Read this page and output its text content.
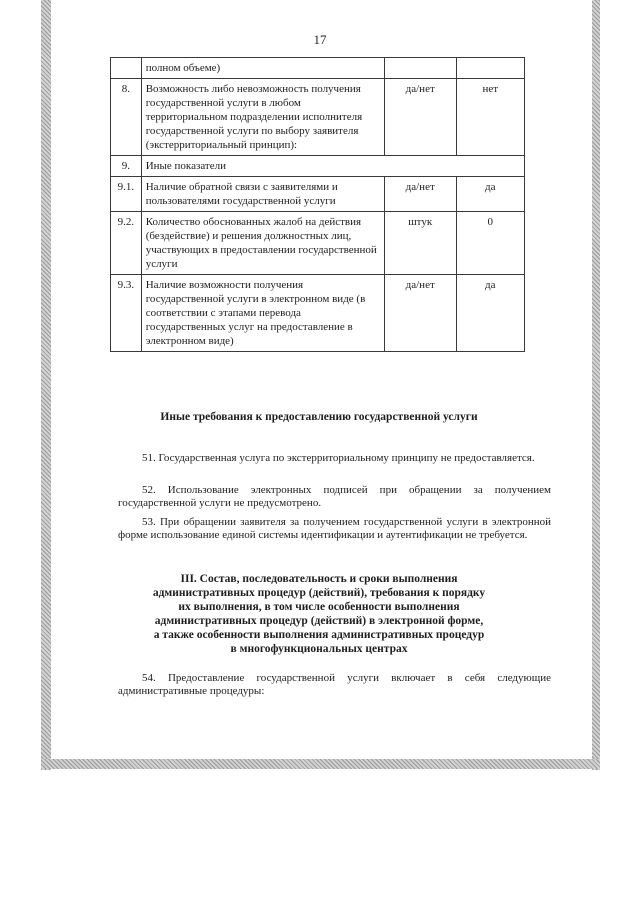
17
	полном объеме)		
8.	Возможность либо невозможность получения государственной услуги в любом территориальном подразделении исполнителя государственной услуги по выбору заявителя (экстерриториальный принцип):	да/нет	нет
9.	Иные показатели		
9.1.	Наличие обратной связи с заявителями и пользователями государственной услуги	да/нет	да
9.2.	Количество обоснованных жалоб на действия (бездействие) и решения должностных лиц, участвующих в предоставлении государственной услуги	штук	0
9.3.	Наличие возможности получения государственной услуги в электронном виде (в соответствии с этапами перевода государственных услуг на предоставление в электронном виде)	да/нет	да
Иные требования к предоставлению государственной услуги
51. Государственная услуга по экстерриториальному принципу не предоставляется.
52. Использование электронных подписей при обращении за получением государственной услуги не предусмотрено.
53. При обращении заявителя за получением государственной услуги в электронной форме использование единой системы идентификации и аутентификации не требуется.
III. Состав, последовательность и сроки выполнения
административных процедур (действий), требования к порядку
их выполнения, в том числе особенности выполнения
административных процедур (действий) в электронной форме,
а также особенности выполнения административных процедур
в многофункциональных центрах
54. Предоставление государственной услуги включает в себя следующие административные процедуры:
